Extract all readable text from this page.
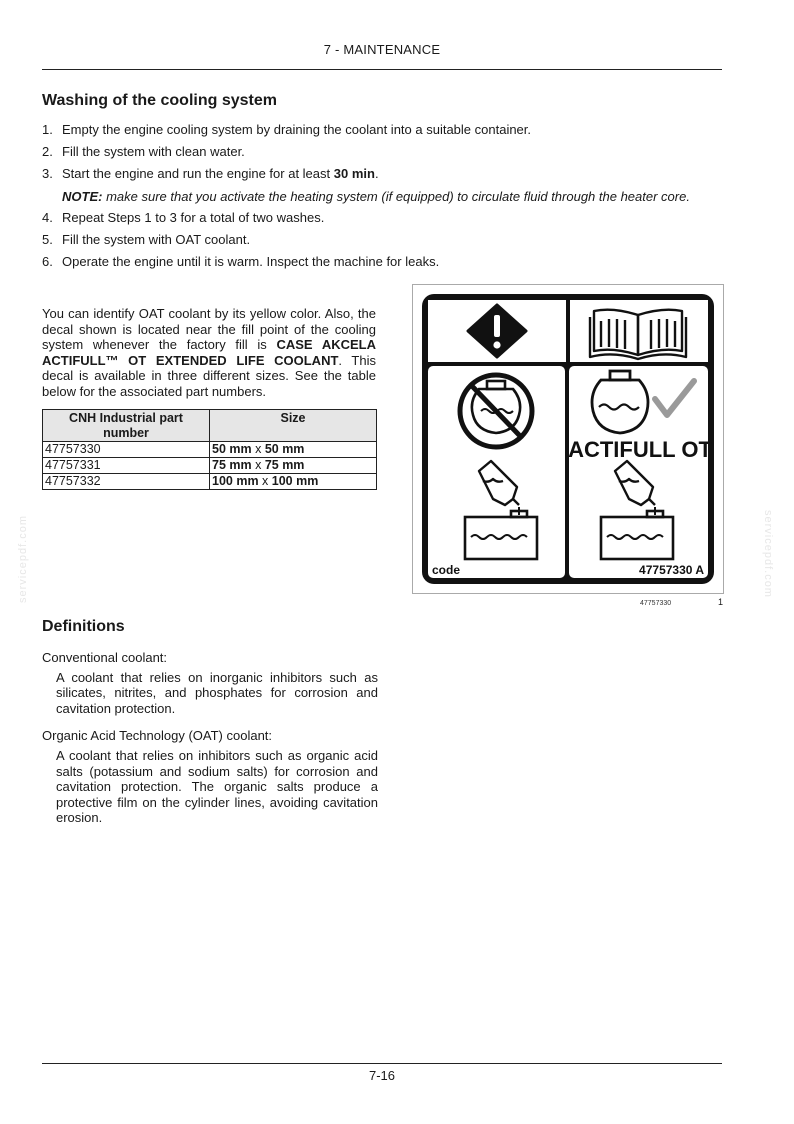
7 - MAINTENANCE
Washing of the cooling system
1. Empty the engine cooling system by draining the coolant into a suitable container.
2. Fill the system with clean water.
3. Start the engine and run the engine for at least 30 min.
NOTE: make sure that you activate the heating system (if equipped) to circulate fluid through the heater core.
4. Repeat Steps 1 to 3 for a total of two washes.
5. Fill the system with OAT coolant.
6. Operate the engine until it is warm. Inspect the machine for leaks.
You can identify OAT coolant by its yellow color. Also, the decal shown is located near the fill point of the cooling system whenever the factory fill is CASE AKCELA ACTIFULL™ OT EXTENDED LIFE COOLANT. This decal is available in three different sizes. See the table below for the associated part numbers.
CNH Industrial part number	Size
47757330	50 mm x 50 mm
47757331	75 mm x 75 mm
47757332	100 mm x 100 mm
ACTIFULL OT
code	47757330 A
47757330	1
Definitions

Conventional coolant:

A coolant that relies on inorganic inhibitors such as silicates, nitrites, and phosphates for corrosion and cavitation protection.

Organic Acid Technology (OAT) coolant:

A coolant that relies on inhibitors such as organic acid salts (potassium and sodium salts) for corrosion and cavitation protection. The organic salts produce a protective film on the cylinder lines, avoiding cavitation erosion.

servicepdf.com	servicepdf.com
7-16
